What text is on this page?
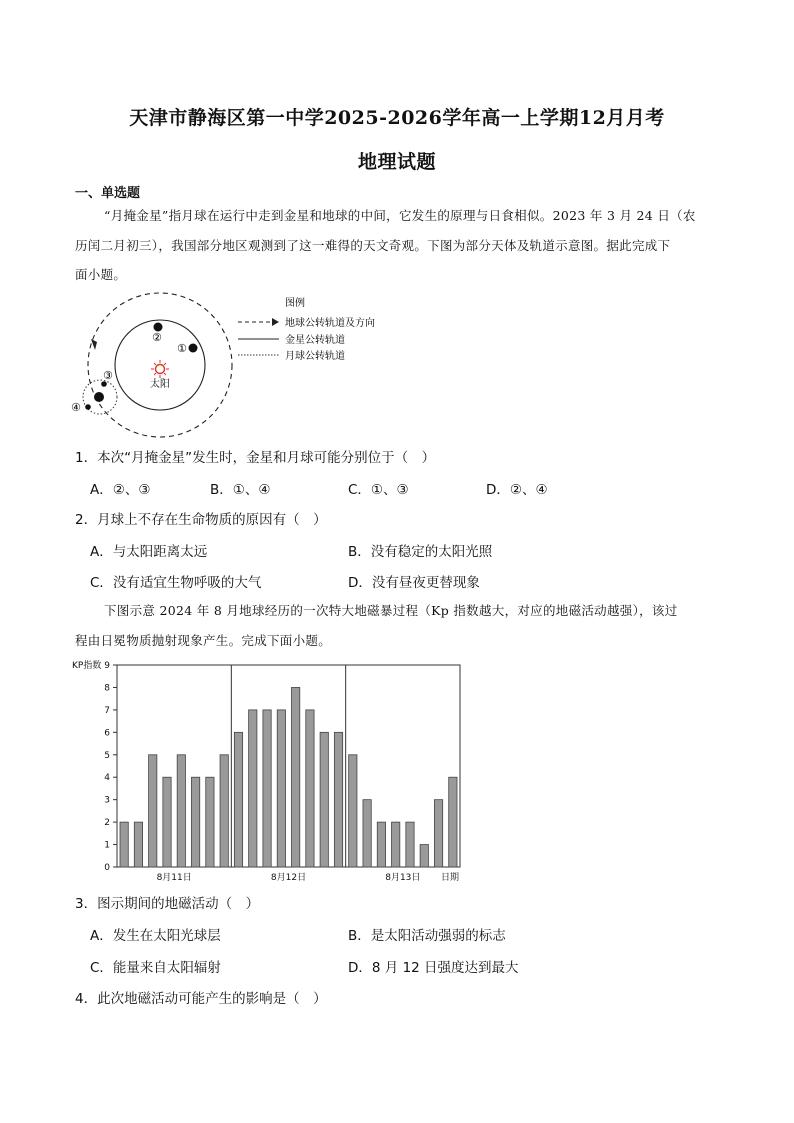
天津市静海区第一中学2025-2026学年高一上学期12月月考
地理试题
一、单选题
“月掩金星”指月球在运行中走到金星和地球的中间，它发生的原理与日食相似。2023 年 3 月 24 日（农
历闰二月初三），我国部分地区观测到了这一难得的天文奇观。下图为部分天体及轨道示意图。据此完成下
面小题。
太阳
②
①
③
④
图例
地球公转轨道及方向
金星公转轨道
月球公转轨道
1．本次“月掩金星”发生时，金星和月球可能分别位于（　）
A．②、③	B．①、④	C．①、③	D．②、④
2．月球上不存在生命物质的原因有（　）
A．与太阳距离太远	B．没有稳定的太阳光照
C．没有适宜生物呼吸的大气	D．没有昼夜更替现象
下图示意 2024 年 8 月地球经历的一次特大地磁暴过程（Kp 指数越大，对应的地磁活动越强），该过
程由日冕物质抛射现象产生。完成下面小题。
0
1
2
3
4
5
6
7
8
9
KP指数
8月11日	8月12日	8月13日 日期
3．图示期间的地磁活动（　）
A．发生在太阳光球层	B．是太阳活动强弱的标志
C．能量来自太阳辐射	D．8 月 12 日强度达到最大
4．此次地磁活动可能产生的影响是（　）
